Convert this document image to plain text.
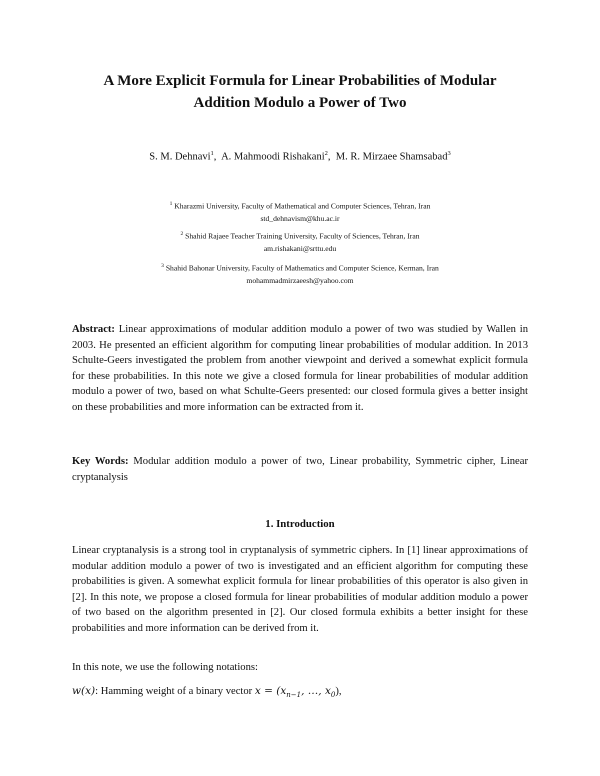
A More Explicit Formula for Linear Probabilities of Modular
Addition Modulo a Power of Two
S. M. Dehnavi$^1$,  A. Mahmoodi Rishakani$^2$,  M. R. Mirzaee Shamsabad$^3$
$^1$ Kharazmi University, Faculty of Mathematical and Computer Sciences, Tehran, Iran
std_dehnavism@khu.ac.ir
$^2$ Shahid Rajaee Teacher Training University, Faculty of Sciences, Tehran, Iran
am.rishakani@srttu.edu
$^3$ Shahid Bahonar University, Faculty of Mathematics and Computer Science, Kerman, Iran
mohammadmirzaeesh@yahoo.com
Abstract: Linear approximations of modular addition modulo a power of two was studied by Wallen in 2003. He presented an efficient algorithm for computing linear probabilities of modular addition. In 2013 Schulte-Geers investigated the problem from another viewpoint and derived a somewhat explicit formula for these probabilities. In this note we give a closed formula for linear probabilities of modular addition modulo a power of two, based on what Schulte-Geers presented: our closed formula gives a better insight on these probabilities and more information can be extracted from it.
Key Words: Modular addition modulo a power of two, Linear probability, Symmetric cipher, Linear cryptanalysis
1. Introduction
Linear cryptanalysis is a strong tool in cryptanalysis of symmetric ciphers. In [1] linear approximations of modular addition modulo a power of two is investigated and an efficient algorithm for computing these probabilities is given. A somewhat explicit formula for linear probabilities of this operator is also given in [2]. In this note, we propose a closed formula for linear probabilities of modular addition modulo a power of two based on the algorithm presented in [2]. Our closed formula exhibits a better insight for these probabilities and more information can be derived from it.
In this note, we use the following notations:
w(x): Hamming weight of a binary vector $x = (x_{n-1}$, …, $x_0$),
